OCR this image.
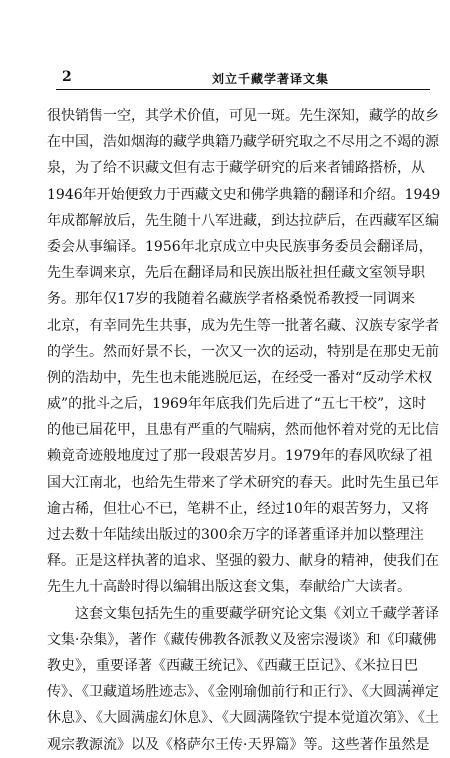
2	刘立千藏学著译文集
很快销售一空，其学术价值，可见一斑。先生深知，藏学的故乡
在中国，浩如烟海的藏学典籍乃藏学研究取之不尽用之不竭的源
泉，为了给不识藏文但有志于藏学研究的后来者铺路搭桥，从
1946年开始便致力于西藏文史和佛学典籍的翻译和介绍。1949
年成都解放后，先生随十八军进藏，到达拉萨后，在西藏军区编
委会从事编译。1956年北京成立中央民族事务委员会翻译局，
先生奉调来京，先后在翻译局和民族出版社担任藏文室领导职
务。那年仅17岁的我随着名藏族学者格桑悦希教授一同调来
北京，有幸同先生共事，成为先生等一批著名藏、汉族专家学者
的学生。然而好景不长，一次又一次的运动，特别是在那史无前
例的浩劫中，先生也未能逃脱厄运，在经受一番对“反动学术权
威”的批斗之后，1969年年底我们先后进了“五七干校”，这时
的他已届花甲，且患有严重的气喘病，然而他怀着对党的无比信
赖竟奇迹般地度过了那一段艰苦岁月。1979年的春风吹绿了祖
国大江南北，也给先生带来了学术研究的春天。此时先生虽已年
逾古稀，但壮心不已，笔耕不止，经过10年的艰苦努力，又将
过去数十年陆续出版过的300余万字的译著重译并加以整理注
释。正是这样执著的追求、坚强的毅力、献身的精神，使我们在
先生九十高龄时得以编辑出版这套文集，奉献给广大读者。
这套文集包括先生的重要藏学研究论文集《刘立千藏学著译
文集·杂集》，著作《藏传佛教各派教义及密宗漫谈》和《印藏佛
教史》，重要译著《西藏王统记》、《西藏王臣记》、《米拉日巴
传》、《卫藏道场胜迹志》、《金刚瑜伽前行和正行》、《大圆满禅定
休息》、《大圆满虚幻休息》、《大圆满隆钦宁提本觉道次第》、《土
观宗教源流》以及《格萨尔王传·天界篇》等。这些著作虽然是
